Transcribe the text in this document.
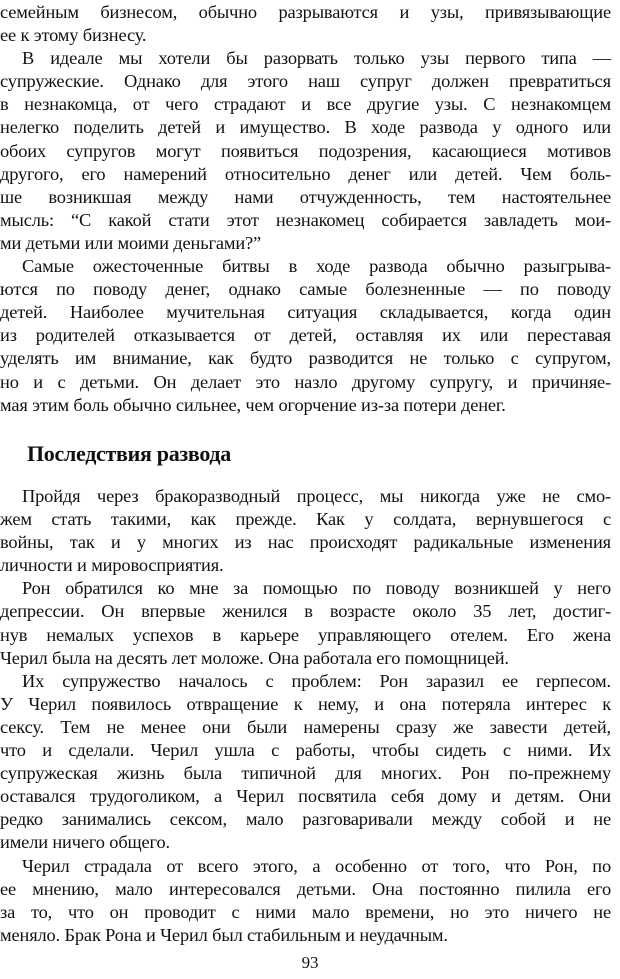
семейным бизнесом, обычно разрываются и узы, привязывающие
ее к этому бизнесу.
В идеале мы хотели бы разорвать только узы первого типа —
супружеские. Однако для этого наш супруг должен превратиться
в незнакомца, от чего страдают и все другие узы. С незнакомцем
нелегко поделить детей и имущество. В ходе развода у одного или
обоих супругов могут появиться подозрения, касающиеся мотивов
другого, его намерений относительно денег или детей. Чем боль-
ше возникшая между нами отчужденность, тем настоятельнее
мысль: “С какой стати этот незнакомец собирается завладеть мои-
ми детьми или моими деньгами?”
Самые ожесточенные битвы в ходе развода обычно разыгрыва-
ются по поводу денег, однако самые болезненные — по поводу
детей. Наиболее мучительная ситуация складывается, когда один
из родителей отказывается от детей, оставляя их или переставая
уделять им внимание, как будто разводится не только с супругом,
но и с детьми. Он делает это назло другому супругу, и причиняе-
мая этим боль обычно сильнее, чем огорчение из-за потери денег.
Последствия развода
Пройдя через бракоразводный процесс, мы никогда уже не смо-
жем стать такими, как прежде. Как у солдата, вернувшегося с
войны, так и у многих из нас происходят радикальные изменения
личности и мировосприятия.
Рон обратился ко мне за помощью по поводу возникшей у него
депрессии. Он впервые женился в возрасте около 35 лет, достиг-
нув немалых успехов в карьере управляющего отелем. Его жена
Черил была на десять лет моложе. Она работала его помощницей.
Их супружество началось с проблем: Рон заразил ее герпесом.
У Черил появилось отвращение к нему, и она потеряла интерес к
сексу. Тем не менее они были намерены сразу же завести детей,
что и сделали. Черил ушла с работы, чтобы сидеть с ними. Их
супружеская жизнь была типичной для многих. Рон по-прежнему
оставался трудоголиком, а Черил посвятила себя дому и детям. Они
редко занимались сексом, мало разговаривали между собой и не
имели ничего общего.
Черил страдала от всего этого, а особенно от того, что Рон, по
ее мнению, мало интересовался детьми. Она постоянно пилила его
за то, что он проводит с ними мало времени, но это ничего не
меняло. Брак Рона и Черил был стабильным и неудачным.
93
